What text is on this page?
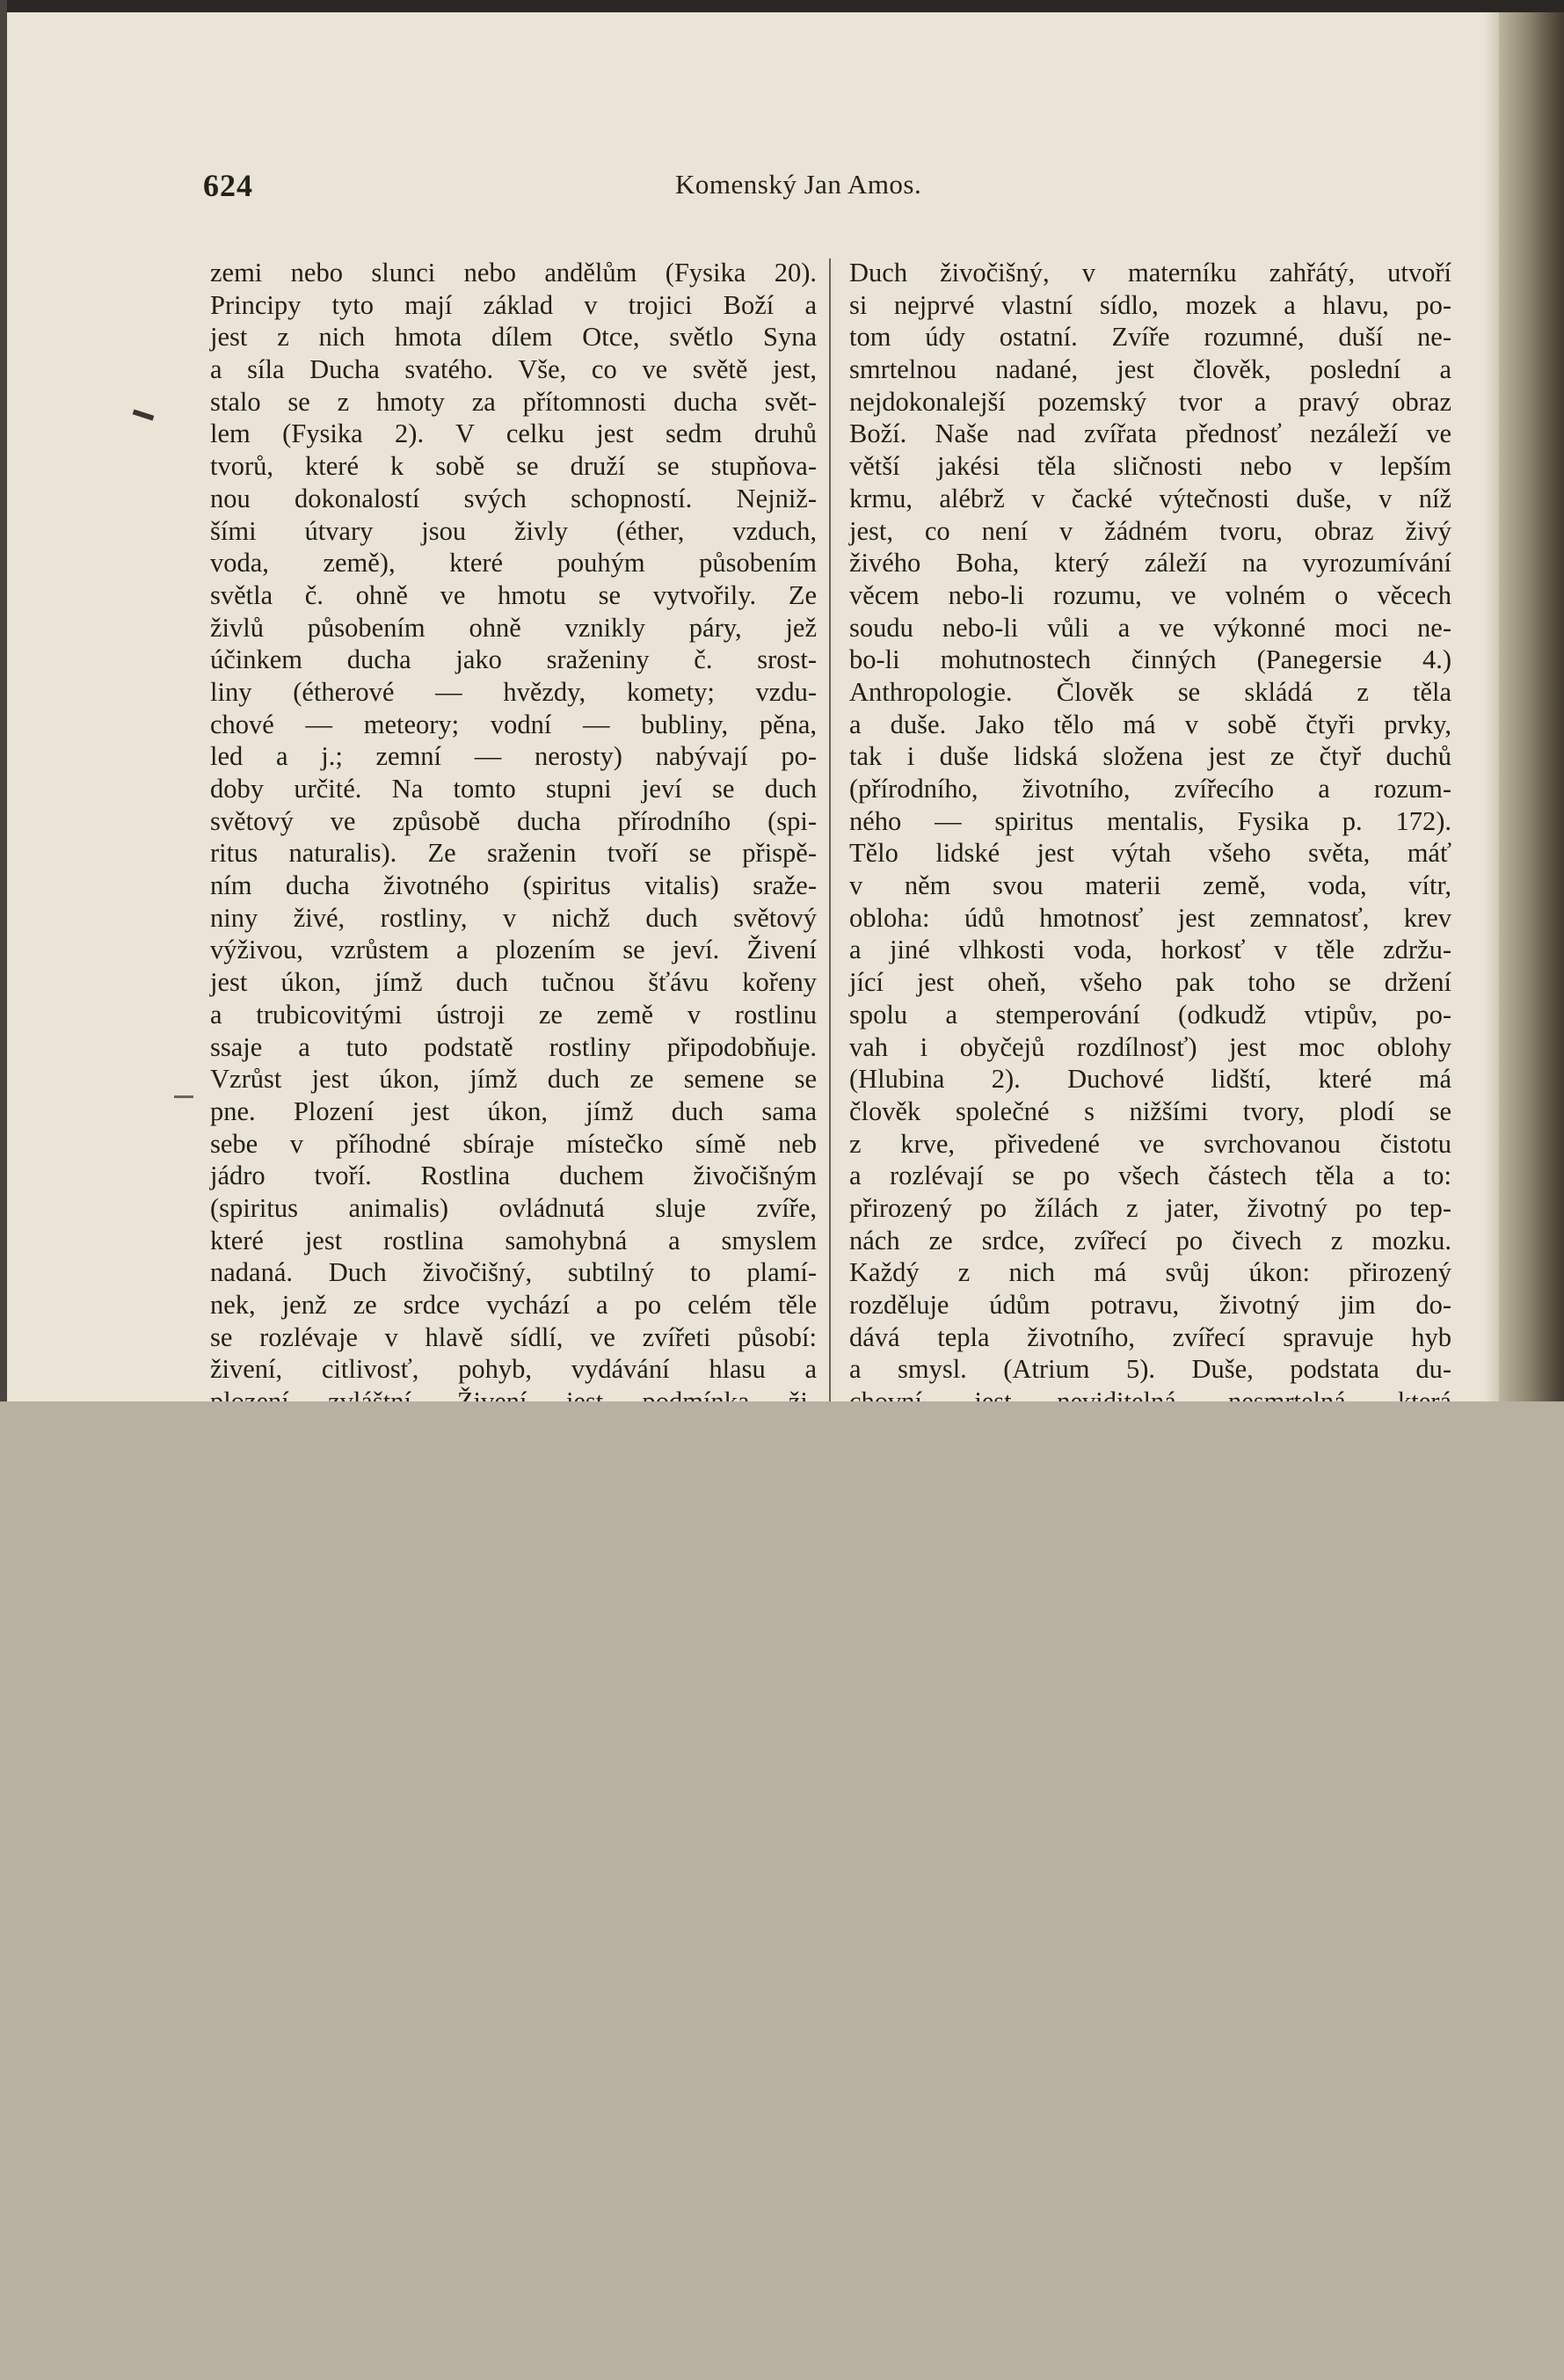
624	Komenský Jan Amos.
zemi nebo slunci nebo andělům (Fysika 20).
Principy tyto mají základ v trojici Boží a
jest z nich hmota dílem Otce, světlo Syna
a síla Ducha svatého. Vše, co ve světě jest,
stalo se z hmoty za přítomnosti ducha svět-
lem (Fysika 2). V celku jest sedm druhů
tvorů, které k sobě se druží se stupňova-
nou dokonalostí svých schopností. Nejniž-
šími útvary jsou živly (éther, vzduch,
voda, země), které pouhým působením
světla č. ohně ve hmotu se vytvořily. Ze
živlů působením ohně vznikly páry, jež
účinkem ducha jako sraženiny č. srost-
liny (étherové — hvězdy, komety; vzdu-
chové — meteory; vodní — bubliny, pěna,
led a j.; zemní — nerosty) nabývají po-
doby určité. Na tomto stupni jeví se duch
světový ve způsobě ducha přírodního (spi-
ritus naturalis). Ze sraženin tvoří se přispě-
ním ducha životného (spiritus vitalis) sraže-
niny živé, rostliny, v nichž duch světový
výživou, vzrůstem a plozením se jeví. Živení
jest úkon, jímž duch tučnou šťávu kořeny
a trubicovitými ústroji ze země v rostlinu
ssaje a tuto podstatě rostliny připodobňuje.
Vzrůst jest úkon, jímž duch ze semene se
pne. Plození jest úkon, jímž duch sama
sebe v příhodné sbíraje místečko símě neb
jádro tvoří. Rostlina duchem živočišným
(spiritus animalis) ovládnutá sluje zvíře,
které jest rostlina samohybná a smyslem
nadaná. Duch živočišný, subtilný to plamí-
nek, jenž ze srdce vychází a po celém těle
se rozlévaje v hlavě sídlí, ve zvířeti působí:
živení, citlivosť, pohyb, vydávání hlasu a
Duch živočišný, v materníku zahřátý, utvoří
si nejprvé vlastní sídlo, mozek a hlavu, po-
tom údy ostatní. Zvíře rozumné, duší ne-
smrtelnou nadané, jest člověk, poslední a
nejdokonalejší pozemský tvor a pravý obraz
Boží. Naše nad zvířata přednosť nezáleží ve
větší jakési těla sličnosti nebo v lepším
krmu, alébrž v čacké výtečnosti duše, v níž
jest, co není v žádném tvoru, obraz živý
živého Boha, který záleží na vyrozumívání
věcem nebo-li rozumu, ve volném o věcech
soudu nebo-li vůli a ve výkonné moci ne-
bo-li mohutnostech činných (Panegersie 4.)
Anthropologie. Člověk se skládá z těla
a duše. Jako tělo má v sobě čtyři prvky,
tak i duše lidská složena jest ze čtyř duchů
(přírodního, životního, zvířecího a rozum-
ného — spiritus mentalis, Fysika p. 172).
Tělo lidské jest výtah všeho světa, máť
v něm svou materii země, voda, vítr,
obloha: údů hmotnosť jest zemnatosť, krev
a jiné vlhkosti voda, horkosť v těle zdržu-
jící jest oheň, všeho pak toho se držení
spolu a stemperování (odkudž vtipův, po-
vah i obyčejů rozdílnosť) jest moc oblohy
(Hlubina 2). Duchové lidští, které má
člověk společné s nižšími tvory, plodí se
z krve, přivedené ve svrchovanou čistotu
a rozlévají se po všech částech těla a to:
přirozený po žílách z jater, životný po tep-
nách ze srdce, zvířecí po čivech z mozku.
Každý z nich má svůj úkon: přirozený
rozděluje údům potravu, životný jim do-
dává tepla životního, zvířecí spravuje hyb
a smysl. (Atrium 5). Duše, podstata du-
